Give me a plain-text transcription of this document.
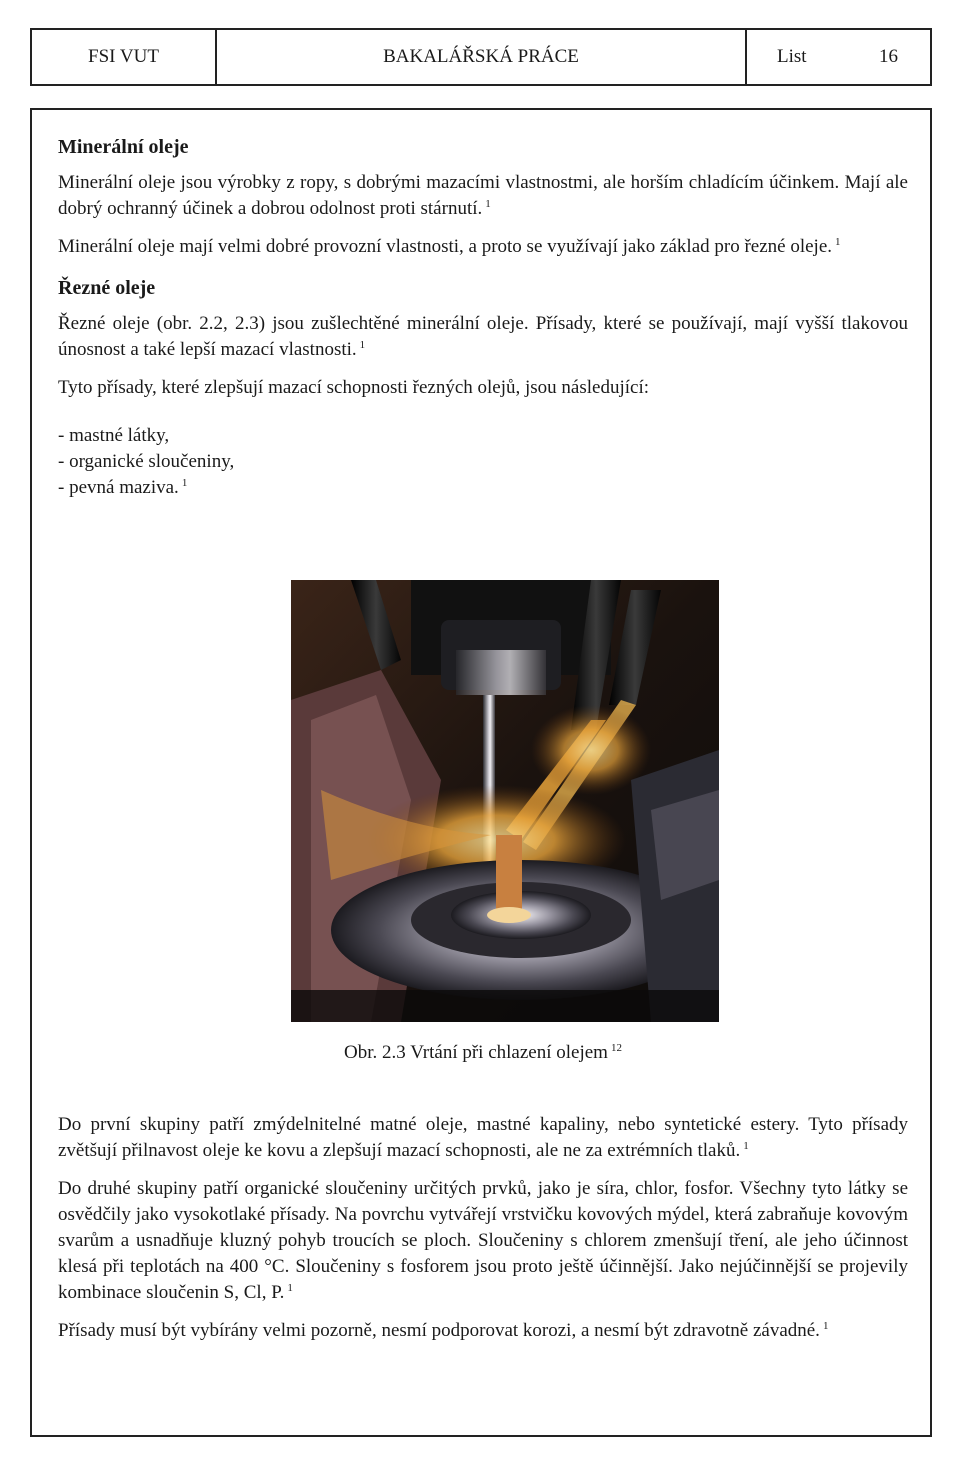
FSI VUT	BAKALÁŘSKÁ PRÁCE	List	16
Minerální oleje

Minerální oleje jsou výrobky z ropy, s dobrými mazacími vlastnostmi, ale horším chladícím účinkem. Mají ale dobrý ochranný účinek a dobrou odolnost proti stárnutí. $^1$

Minerální oleje mají velmi dobré provozní vlastnosti, a proto se využívají jako základ pro řezné oleje. $^1$

Řezné oleje

Řezné oleje (obr. 2.2, 2.3) jsou zušlechtěné minerální oleje. Přísady, které se používají, mají vyšší tlakovou únosnost a také lepší mazací vlastnosti. $^1$

Tyto přísady, které zlepšují mazací schopnosti řezných olejů, jsou následující:

- mastné látky,
- organické sloučeniny,
- pevná maziva. $^1$
Obr. 2.3 Vrtání při chlazení olejem $^{12}$

Do první skupiny patří zmýdelnitelné matné oleje, mastné kapaliny, nebo syntetické estery. Tyto přísady zvětšují přilnavost oleje ke kovu a zlepšují mazací schopnosti, ale ne za extrémních tlaků. $^1$

Do druhé skupiny patří organické sloučeniny určitých prvků, jako je síra, chlor, fosfor. Všechny tyto látky se osvědčily jako vysokotlaké přísady. Na povrchu vytvářejí vrstvičku kovových mýdel, která zabraňuje kovovým svarům a usnadňuje kluzný pohyb troucích se ploch. Sloučeniny s chlorem zmenšují tření, ale jeho účinnost klesá při teplotách na 400 °C. Sloučeniny s fosforem jsou proto ještě účinnější. Jako nejúčinnější se projevily kombinace sloučenin S, Cl, P. $^1$

Přísady musí být vybírány velmi pozorně, nesmí podporovat korozi, a nesmí být zdravotně závadné. $^1$
